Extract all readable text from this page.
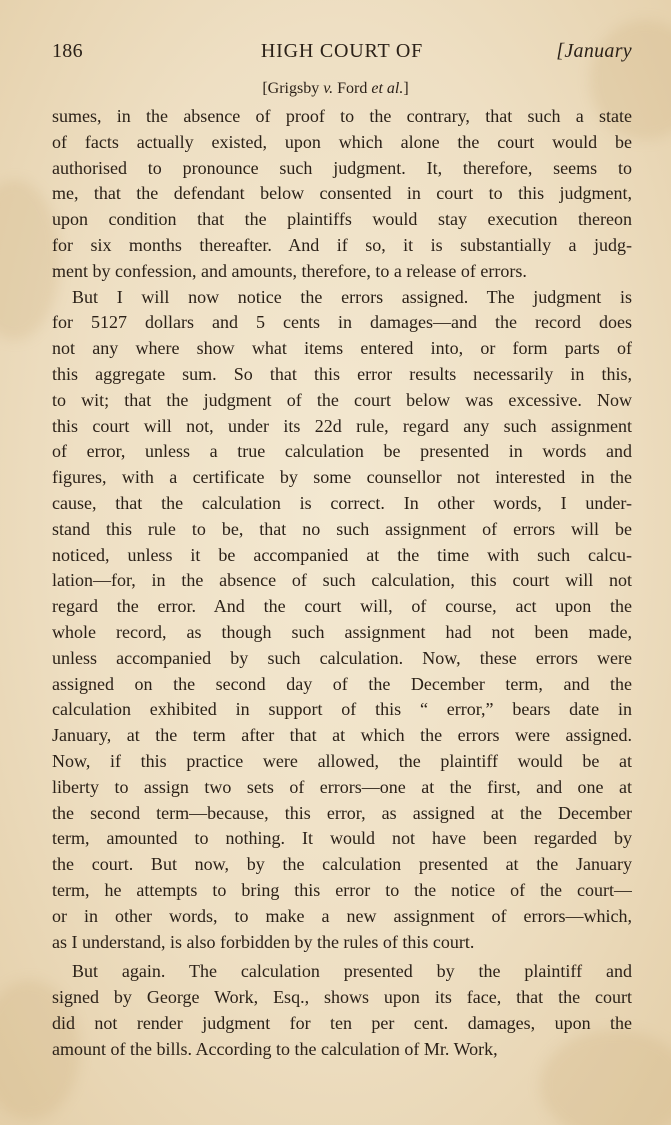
186	HIGH COURT OF	[January
[Grigsby v. Ford et al.]
sumes, in the absence of proof to the contrary, that such a state
of facts actually existed, upon which alone the court would be
authorised to pronounce such judgment. It, therefore, seems to
me, that the defendant below consented in court to this judgment,
upon condition that the plaintiffs would stay execution thereon
for six months thereafter. And if so, it is substantially a judg-
ment by confession, and amounts, therefore, to a release of errors.
But I will now notice the errors assigned. The judgment is
for 5127 dollars and 5 cents in damages—and the record does
not any where show what items entered into, or form parts of
this aggregate sum. So that this error results necessarily in this,
to wit; that the judgment of the court below was excessive. Now
this court will not, under its 22d rule, regard any such assignment
of error, unless a true calculation be presented in words and
figures, with a certificate by some counsellor not interested in the
cause, that the calculation is correct. In other words, I under-
stand this rule to be, that no such assignment of errors will be
noticed, unless it be accompanied at the time with such calcu-
lation—for, in the absence of such calculation, this court will not
regard the error. And the court will, of course, act upon the
whole record, as though such assignment had not been made,
unless accompanied by such calculation. Now, these errors were
assigned on the second day of the December term, and the
calculation exhibited in support of this “ error,” bears date in
January, at the term after that at which the errors were assigned.
Now, if this practice were allowed, the plaintiff would be at
liberty to assign two sets of errors—one at the first, and one at
the second term—because, this error, as assigned at the December
term, amounted to nothing. It would not have been regarded by
the court. But now, by the calculation presented at the January
term, he attempts to bring this error to the notice of the court—
or in other words, to make a new assignment of errors—which,
as I understand, is also forbidden by the rules of this court.
But again. The calculation presented by the plaintiff and
signed by George Work, Esq., shows upon its face, that the court
did not render judgment for ten per cent. damages, upon the
amount of the bills. According to the calculation of Mr. Work,
